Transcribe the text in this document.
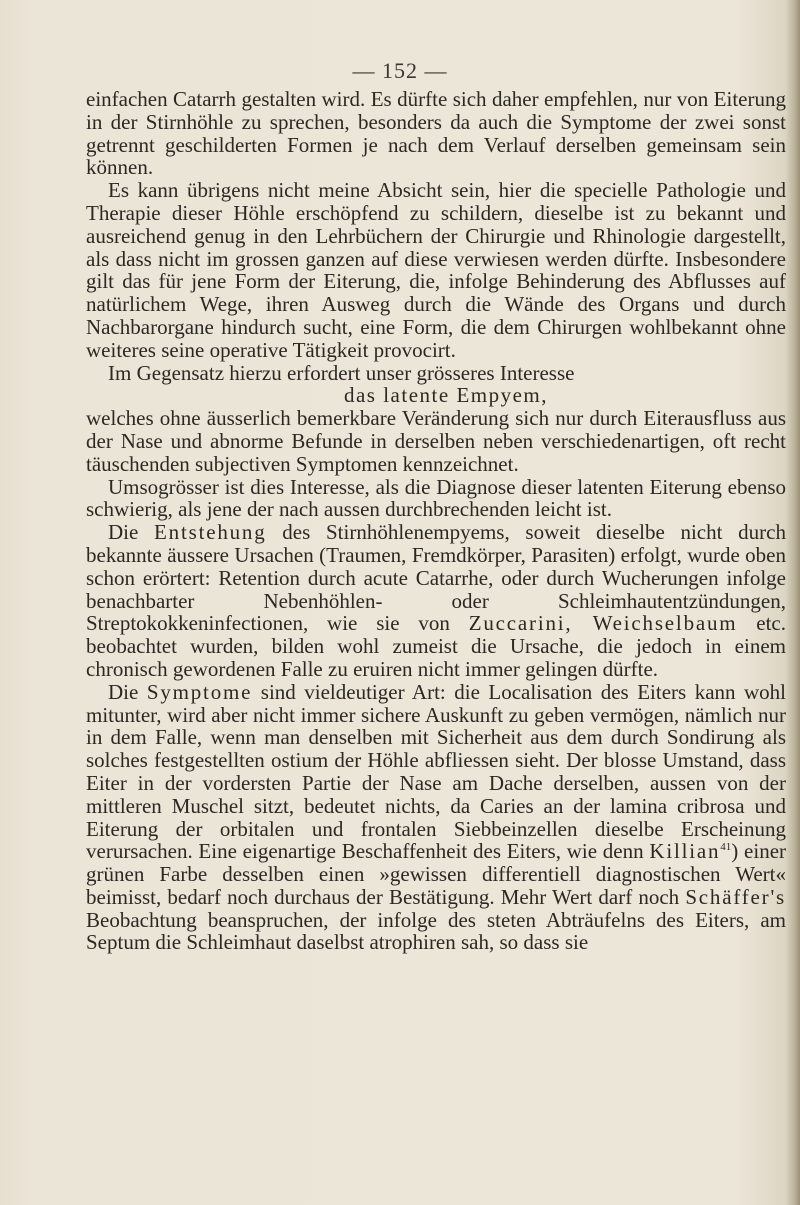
— 152 —

einfachen Catarrh gestalten wird. Es dürfte sich daher empfehlen, nur von Eiterung in der Stirnhöhle zu sprechen, besonders da auch die Symptome der zwei sonst getrennt geschilderten Formen je nach dem Verlauf derselben gemeinsam sein können.

Es kann übrigens nicht meine Absicht sein, hier die specielle Pathologie und Therapie dieser Höhle erschöpfend zu schildern, dieselbe ist zu bekannt und ausreichend genug in den Lehrbüchern der Chirurgie und Rhinologie dargestellt, als dass nicht im grossen ganzen auf diese verwiesen werden dürfte. Insbesondere gilt das für jene Form der Eiterung, die, infolge Behinderung des Abflusses auf natürlichem Wege, ihren Ausweg durch die Wände des Organs und durch Nachbarorgane hindurch sucht, eine Form, die dem Chirurgen wohlbekannt ohne weiteres seine operative Tätigkeit provocirt.

Im Gegensatz hierzu erfordert unser grösseres Interesse

das latente Empyem,

welches ohne äusserlich bemerkbare Veränderung sich nur durch Eiterausfluss aus der Nase und abnorme Befunde in derselben neben verschiedenartigen, oft recht täuschenden subjectiven Symptomen kennzeichnet.

Umsogrösser ist dies Interesse, als die Diagnose dieser latenten Eiterung ebenso schwierig, als jene der nach aussen durchbrechenden leicht ist.

Die Entstehung des Stirnhöhlenempyems, soweit dieselbe nicht durch bekannte äussere Ursachen (Traumen, Fremdkörper, Parasiten) erfolgt, wurde oben schon erörtert: Retention durch acute Catarrhe, oder durch Wucherungen infolge benachbarter Nebenhöhlen- oder Schleimhautentzündungen, Streptokokkeninfectionen, wie sie von Zuccarini, Weichselbaum etc. beobachtet wurden, bilden wohl zumeist die Ursache, die jedoch in einem chronisch gewordenen Falle zu eruiren nicht immer gelingen dürfte.

Die Symptome sind vieldeutiger Art: die Localisation des Eiters kann wohl mitunter, wird aber nicht immer sichere Auskunft zu geben vermögen, nämlich nur in dem Falle, wenn man denselben mit Sicherheit aus dem durch Sondirung als solches festgestellten ostium der Höhle abfliessen sieht. Der blosse Umstand, dass Eiter in der vordersten Partie der Nase am Dache derselben, aussen von der mittleren Muschel sitzt, bedeutet nichts, da Caries an der lamina cribrosa und Eiterung der orbitalen und frontalen Siebbeinzellen dieselbe Erscheinung verursachen. Eine eigenartige Beschaffenheit des Eiters, wie denn Killian$^{41}$) einer grünen Farbe desselben einen »gewissen differentiell diagnostischen Wert« beimisst, bedarf noch durchaus der Bestätigung. Mehr Wert darf noch Schäffer's Beobachtung beanspruchen, der infolge des steten Abträufelns des Eiters, am Septum die Schleimhaut daselbst atrophiren sah, so dass sie
